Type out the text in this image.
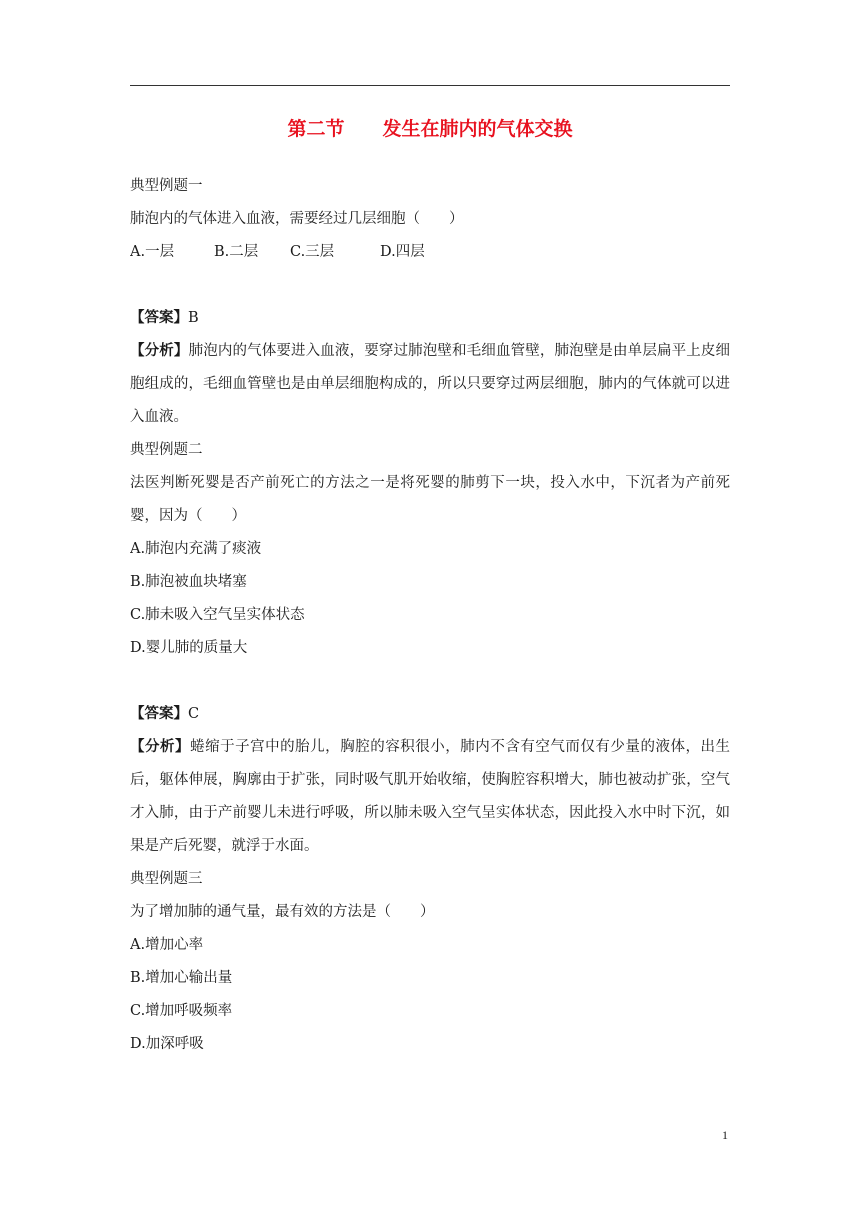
第二节　　发生在肺内的气体交换
典型例题一
肺泡内的气体进入血液，需要经过几层细胞（　　）
A.一层	B.二层 C.三层	D.四层
【答案】B
【分析】肺泡内的气体要进入血液，要穿过肺泡壁和毛细血管壁，肺泡壁是由单层扁平上皮细胞组成的，毛细血管壁也是由单层细胞构成的，所以只要穿过两层细胞，肺内的气体就可以进入血液。
典型例题二
法医判断死婴是否产前死亡的方法之一是将死婴的肺剪下一块，投入水中，下沉者为产前死婴，因为（　　）
A.肺泡内充满了痰液
B.肺泡被血块堵塞
C.肺未吸入空气呈实体状态
D.婴儿肺的质量大
【答案】C
【分析】蜷缩于子宫中的胎儿，胸腔的容积很小，肺内不含有空气而仅有少量的液体，出生后，躯体伸展，胸廓由于扩张，同时吸气肌开始收缩，使胸腔容积增大，肺也被动扩张，空气才入肺，由于产前婴儿未进行呼吸，所以肺未吸入空气呈实体状态，因此投入水中时下沉，如果是产后死婴，就浮于水面。
典型例题三
为了增加肺的通气量，最有效的方法是（　　）
A.增加心率
B.增加心输出量
C.增加呼吸频率
D.加深呼吸
1
